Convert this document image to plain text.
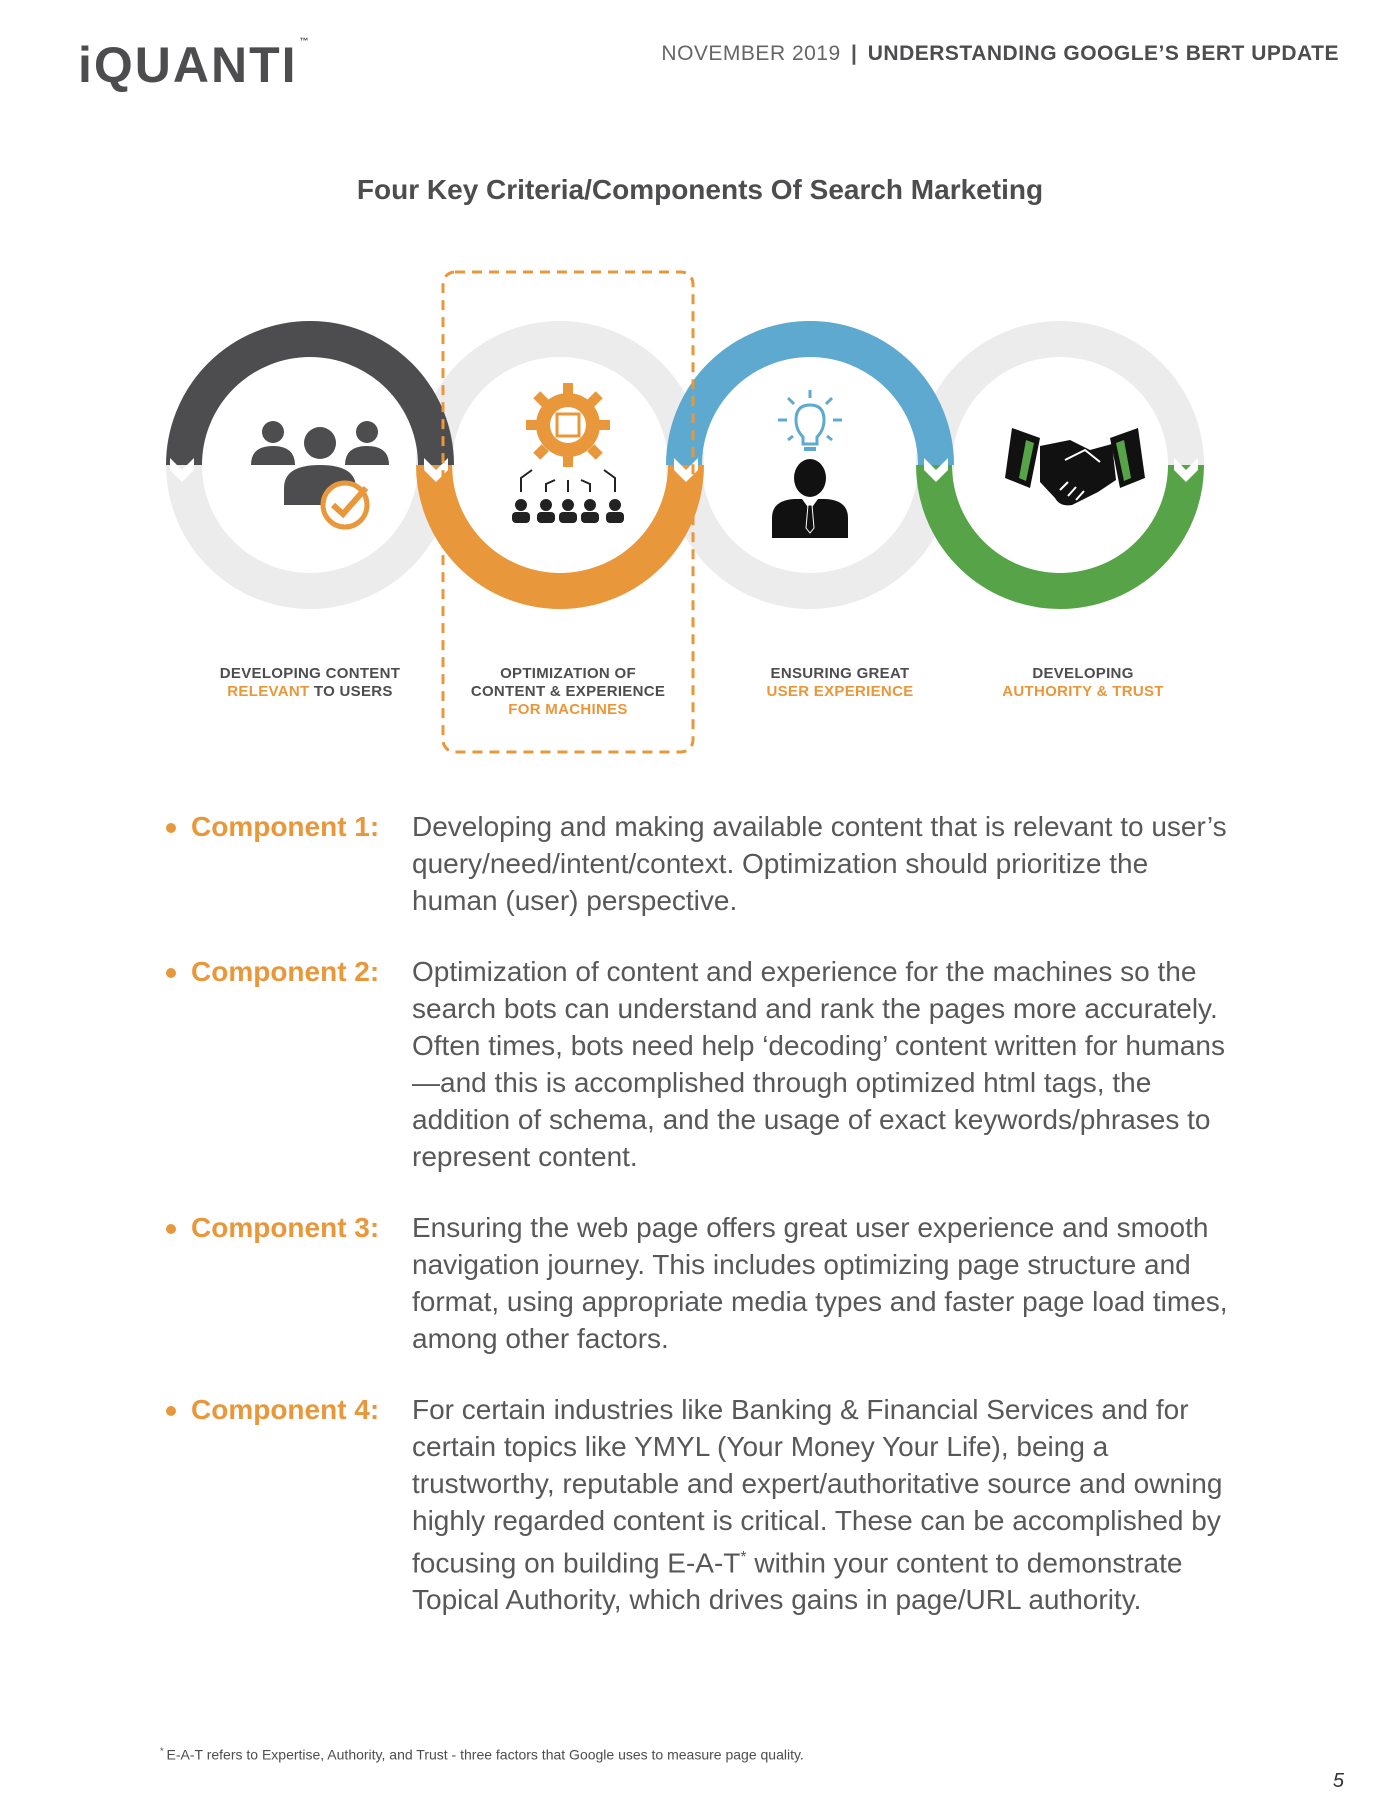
iQUANTI ™
NOVEMBER 2019 | UNDERSTANDING GOOGLE’S BERT UPDATE
Four Key Criteria/Components Of Search Marketing
DEVELOPING CONTENT
RELEVANT TO USERS
OPTIMIZATION OF
CONTENT & EXPERIENCE
FOR MACHINES
ENSURING GREAT
USER EXPERIENCE
DEVELOPING
AUTHORITY & TRUST
Component 1: Developing and making available content that is relevant to user’s query/need/intent/context. Optimization should prioritize the human (user) perspective.
Component 2: Optimization of content and experience for the machines so the search bots can understand and rank the pages more accurately. Often times, bots need help ‘decoding’ content written for humans—and this is accomplished through optimized html tags, the addition of schema, and the usage of exact keywords/phrases to represent content.
Component 3: Ensuring the web page offers great user experience and smooth navigation journey. This includes optimizing page structure and format, using appropriate media types and faster page load times, among other factors.
Component 4: For certain industries like Banking & Financial Services and for certain topics like YMYL (Your Money Your Life), being a trustworthy, reputable and expert/authoritative source and owning highly regarded content is critical. These can be accomplished by focusing on building E-A-T* within your content to demonstrate Topical Authority, which drives gains in page/URL authority.
* E-A-T refers to Expertise, Authority, and Trust - three factors that Google uses to measure page quality.
5
